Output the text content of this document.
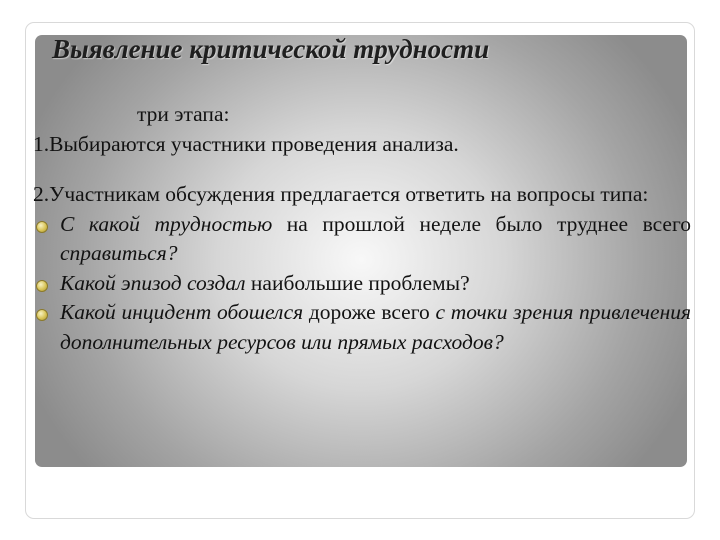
Выявление критической трудности

три этапа:

1.Выбираются участники проведения анализа.

2.Участникам обсуждения предлагается ответить на вопросы типа:

С какой трудностью на прошлой неделе было труднее всего справиться?
Какой эпизод создал наибольшие проблемы?
Какой инцидент обошелся дороже всего с точки зрения привлечения дополнительных ресурсов или прямых расходов?
